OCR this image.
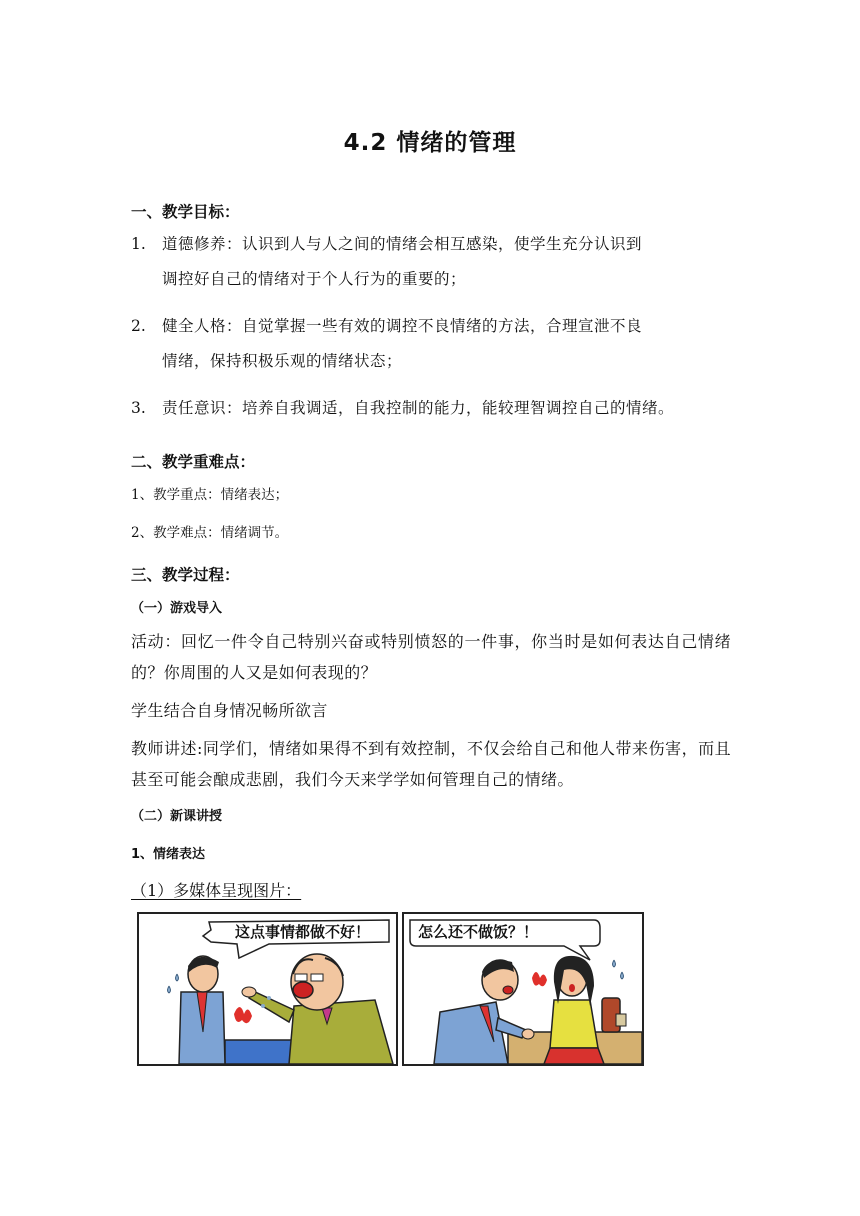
4.2 情绪的管理
一、教学目标：
1. 道德修养：认识到人与人之间的情绪会相互感染，使学生充分认识到
调控好自己的情绪对于个人行为的重要的；
2. 健全人格：自觉掌握一些有效的调控不良情绪的方法，合理宣泄不良
情绪，保持积极乐观的情绪状态；
3. 责任意识：培养自我调适，自我控制的能力，能较理智调控自己的情绪。
二、教学重难点：
1、教学重点：情绪表达；
2、教学难点：情绪调节。
三、教学过程：
（一）游戏导入
活动：回忆一件令自己特别兴奋或特别愤怒的一件事，你当时是如何表达自己情绪的？你周围的人又是如何表现的？
学生结合自身情况畅所欲言
教师讲述:同学们，情绪如果得不到有效控制，不仅会给自己和他人带来伤害，而且甚至可能会酿成悲剧，我们今天来学学如何管理自己的情绪。
（二）新课讲授
1、情绪表达
（1）多媒体呈现图片：
这点事情都做不好！	怎么还不做饭？！
